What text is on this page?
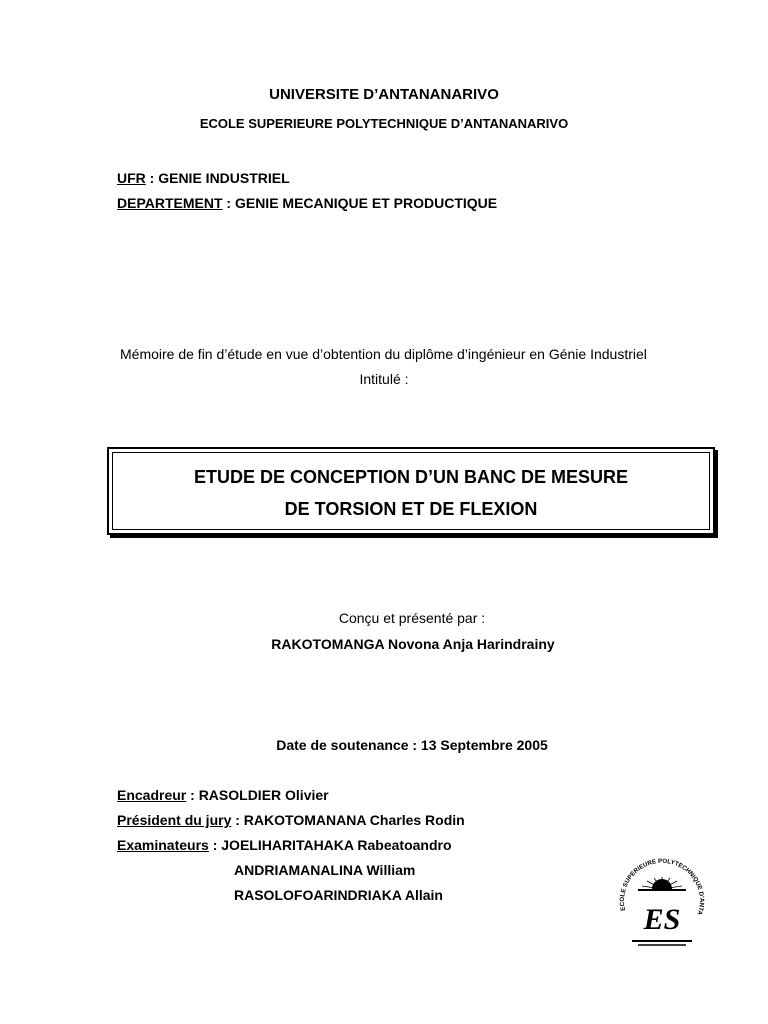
UNIVERSITE D’ANTANANARIVO
ECOLE SUPERIEURE POLYTECHNIQUE D’ANTANANARIVO
UFR : GENIE INDUSTRIEL
DEPARTEMENT : GENIE MECANIQUE ET PRODUCTIQUE
Mémoire de fin d’étude en vue d’obtention du diplôme d’ingénieur en Génie Industriel
Intitulé :
ETUDE DE CONCEPTION D’UN BANC DE MESURE
DE TORSION ET DE FLEXION
Conçu et présenté par :
RAKOTOMANGA Novona Anja Harindrainy
Date de soutenance : 13 Septembre 2005
Encadreur : RASOLDIER Olivier
Président du jury : RAKOTOMANANA Charles Rodin
Examinateurs : JOELIHARITAHAKA Rabeatoandro
ANDRIAMANALINA William
RASOLOFOARINDRIAKA Allain
ECOLE SUPERIEURE POLYTECHNIQUE D'ANTA
ES
